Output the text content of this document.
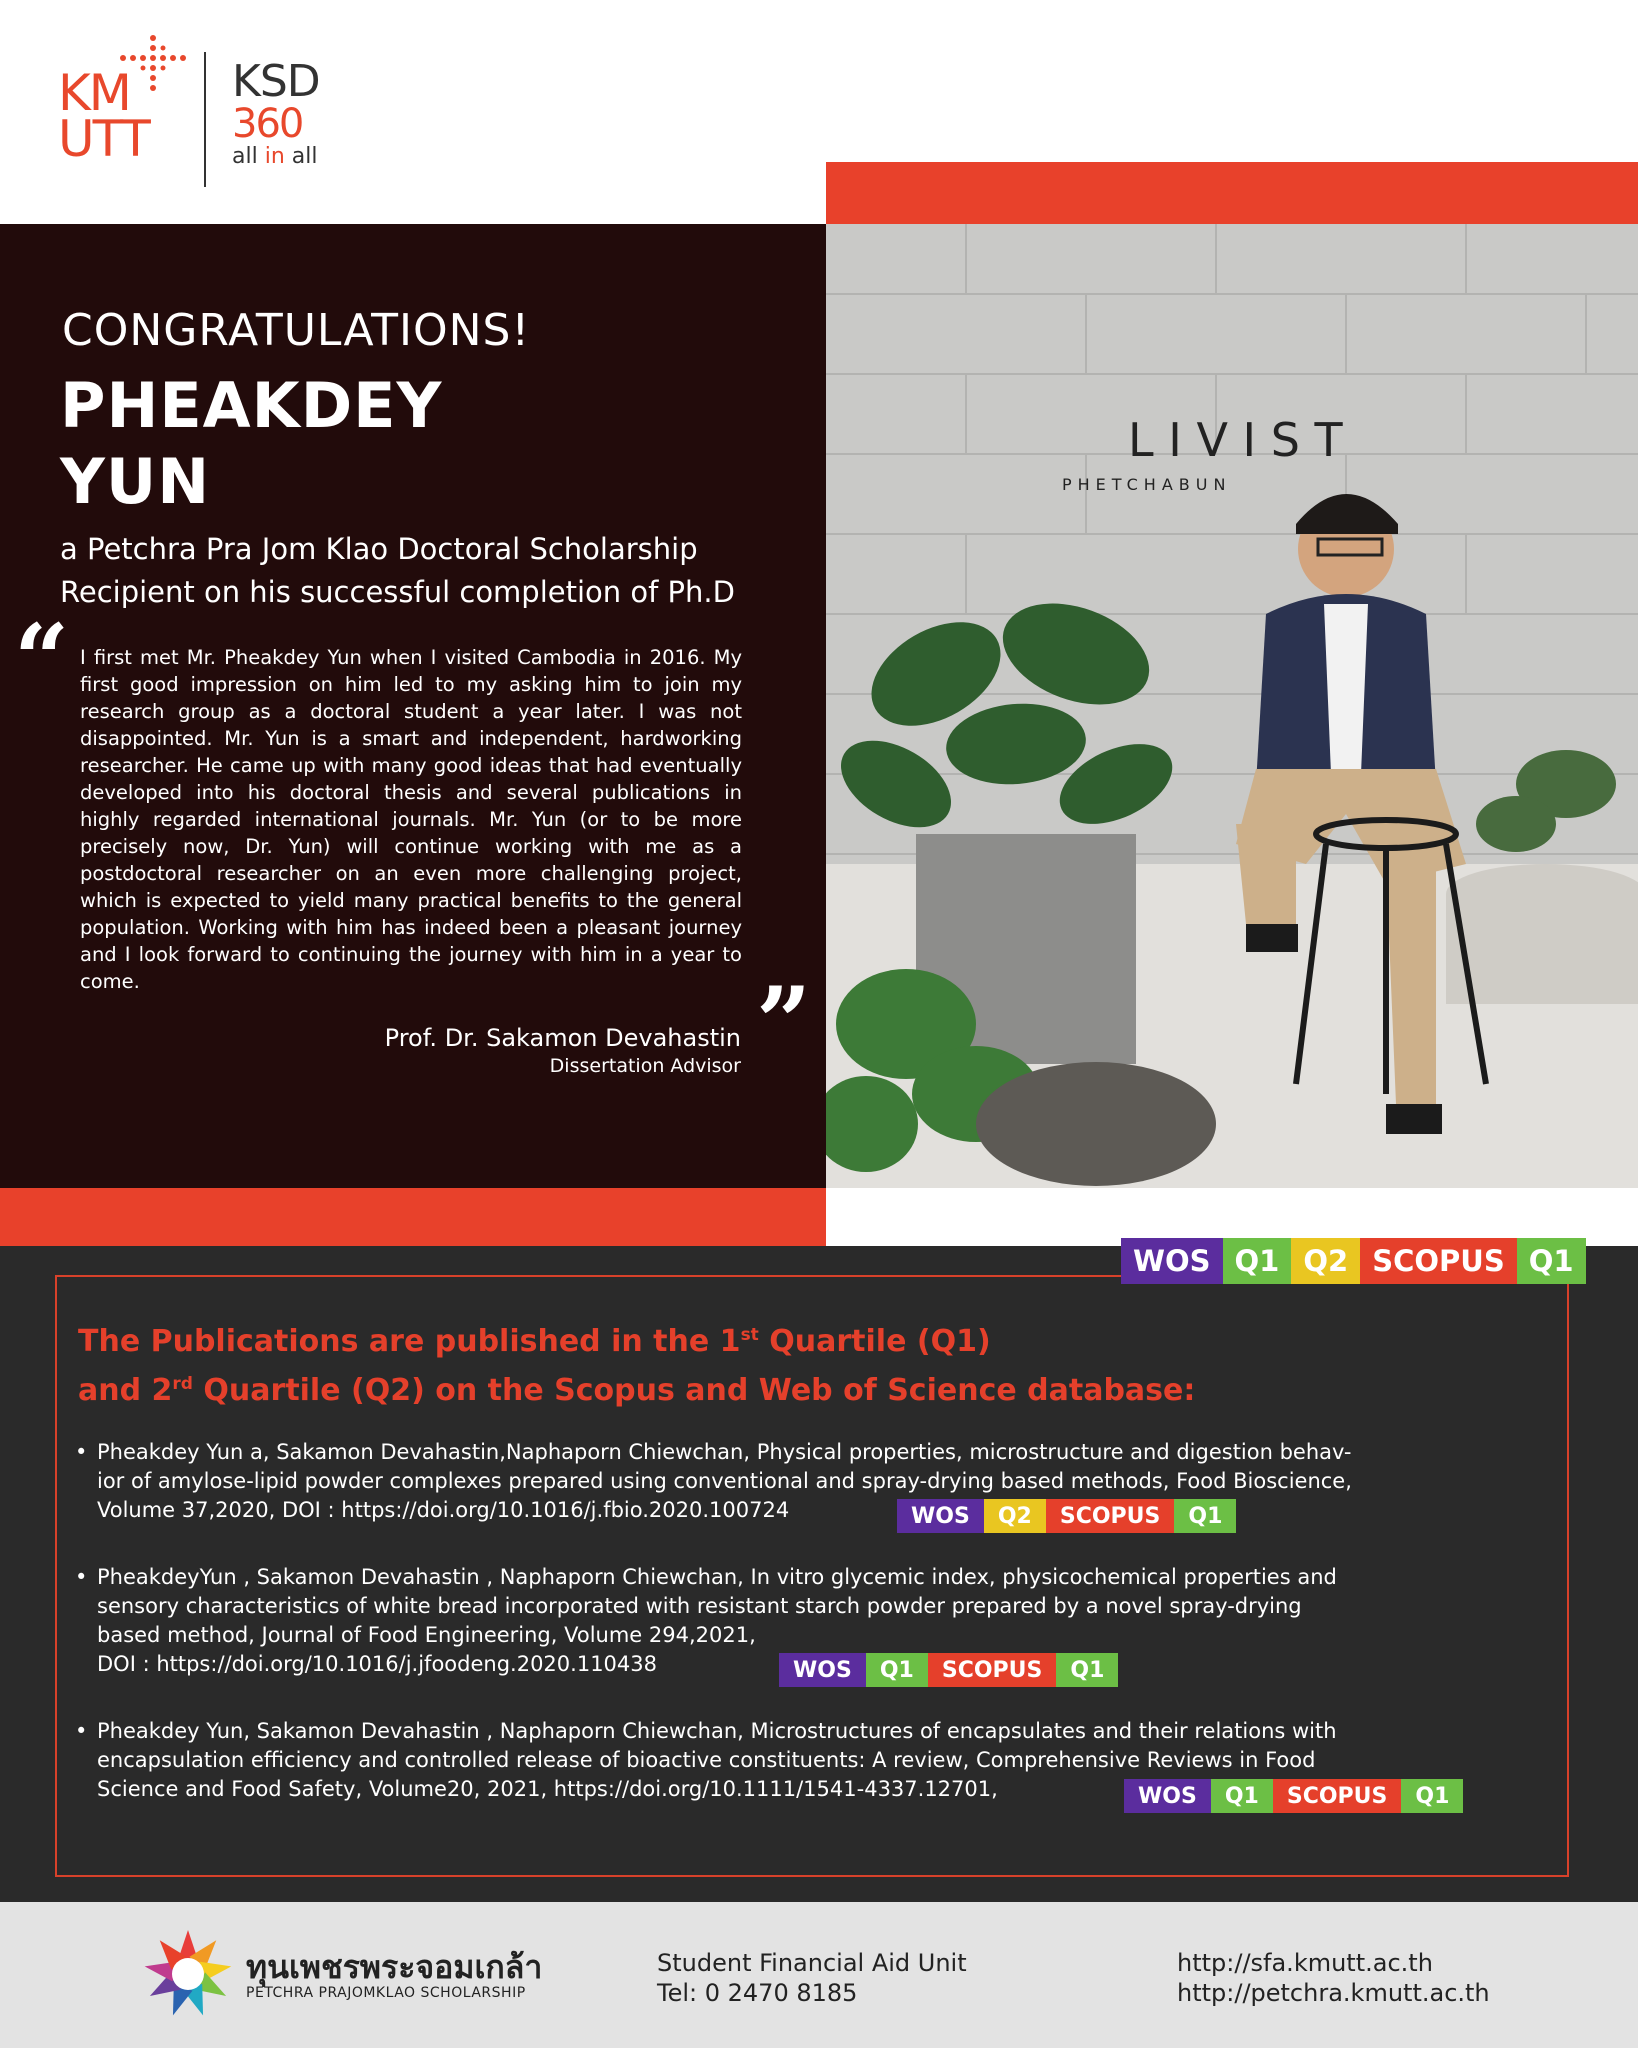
KM
UTT
KSD
360
all in all
L I V I S T
PHETCHABUN
CONGRATULATIONS!
PHEAKDEY
YUN
a Petchra Pra Jom Klao Doctoral Scholarship
Recipient on his successful completion of Ph.D
“ I first met Mr. Pheakdey Yun when I visited Cambodia in 2016. My first good impression on him led to my asking him to join my research group as a doctoral student a year later. I was not disappointed. Mr. Yun is a smart and independent, hardworking researcher. He came up with many good ideas that had eventually developed into his doctoral thesis and several publications in highly regarded international journals. Mr. Yun (or to be more precisely now, Dr. Yun) will continue working with me as a postdoctoral researcher on an even more challenging project, which is expected to yield many practical benefits to the general population. Working with him has indeed been a pleasant journey and I look forward to continuing the journey with him in a year to come.	”
Prof. Dr. Sakamon Devahastin
Dissertation Advisor
WOS Q1 Q2 SCOPUS Q1
The Publications are published in the 1st Quartile (Q1)
and 2rd Quartile (Q2) on the Scopus and Web of Science database:
• Pheakdey Yun a, Sakamon Devahastin,Naphaporn Chiewchan, Physical properties, microstructure and digestion behav-
ior of amylose-lipid powder complexes prepared using conventional and spray-drying based methods, Food Bioscience,
Volume 37,2020, DOI : https://doi.org/10.1016/j.fbio.2020.100724	WOS	Q2	SCOPUS	Q1
• PheakdeyYun , Sakamon Devahastin , Naphaporn Chiewchan, In vitro glycemic index, physicochemical properties and
sensory characteristics of white bread incorporated with resistant starch powder prepared by a novel spray-drying
based method, Journal of Food Engineering, Volume 294,2021,
DOI : https://doi.org/10.1016/j.jfoodeng.2020.110438	WOS	Q1	SCOPUS	Q1
• Pheakdey Yun, Sakamon Devahastin , Naphaporn Chiewchan, Microstructures of encapsulates and their relations with
encapsulation efficiency and controlled release of bioactive constituents: A review, Comprehensive Reviews in Food
Science and Food Safety, Volume20, 2021, https://doi.org/10.1111/1541-4337.12701,	WOS	Q1	SCOPUS	Q1
ทุนเพชรพระจอมเกล้า
PETCHRA PRAJOMKLAO SCHOLARSHIP
Student Financial Aid Unit
Tel: 0 2470 8185
http://sfa.kmutt.ac.th
http://petchra.kmutt.ac.th
